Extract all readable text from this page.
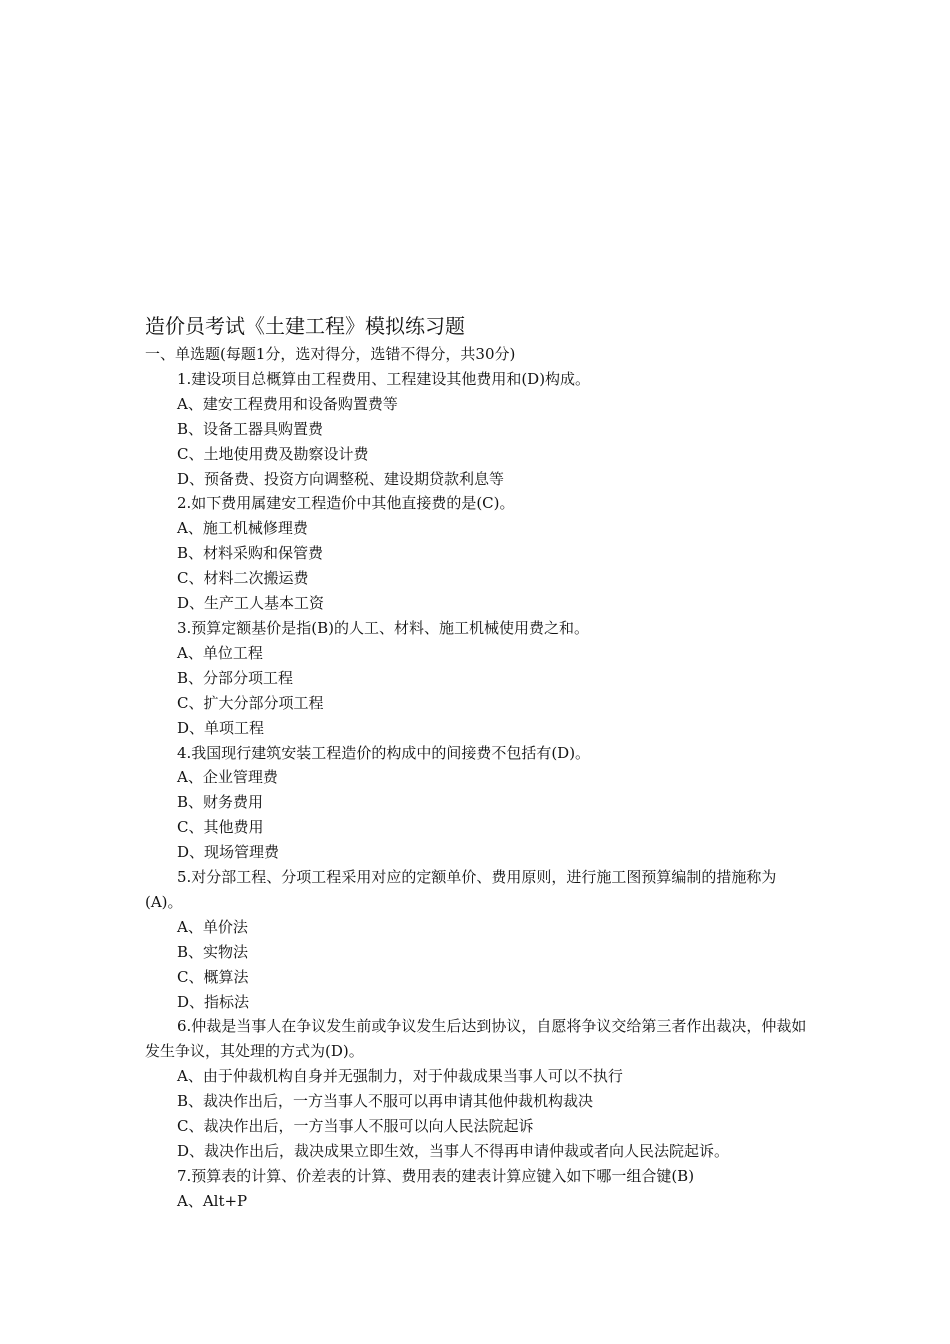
造价员考试《土建工程》模拟练习题

一、单选题(每题1分，选对得分，选错不得分，共30分)

1.建设项目总概算由工程费用、工程建设其他费用和(D)构成。

A、建安工程费用和设备购置费等

B、设备工器具购置费

C、土地使用费及勘察设计费

D、预备费、投资方向调整税、建设期贷款利息等

2.如下费用属建安工程造价中其他直接费的是(C)。

A、施工机械修理费

B、材料采购和保管费

C、材料二次搬运费

D、生产工人基本工资

3.预算定额基价是指(B)的人工、材料、施工机械使用费之和。

A、单位工程

B、分部分项工程

C、扩大分部分项工程

D、单项工程

4.我国现行建筑安装工程造价的构成中的间接费不包括有(D)。

A、企业管理费

B、财务费用

C、其他费用

D、现场管理费

5.对分部工程、分项工程采用对应的定额单价、费用原则，进行施工图预算编制的措施称为(A)。

A、单价法

B、实物法

C、概算法

D、指标法

6.仲裁是当事人在争议发生前或争议发生后达到协议，自愿将争议交给第三者作出裁决，仲裁如发生争议，其处理的方式为(D)。

A、由于仲裁机构自身并无强制力，对于仲裁成果当事人可以不执行

B、裁决作出后，一方当事人不服可以再申请其他仲裁机构裁决

C、裁决作出后，一方当事人不服可以向人民法院起诉

D、裁决作出后，裁决成果立即生效，当事人不得再申请仲裁或者向人民法院起诉。

7.预算表的计算、价差表的计算、费用表的建表计算应键入如下哪一组合键(B)

A、Alt+P
